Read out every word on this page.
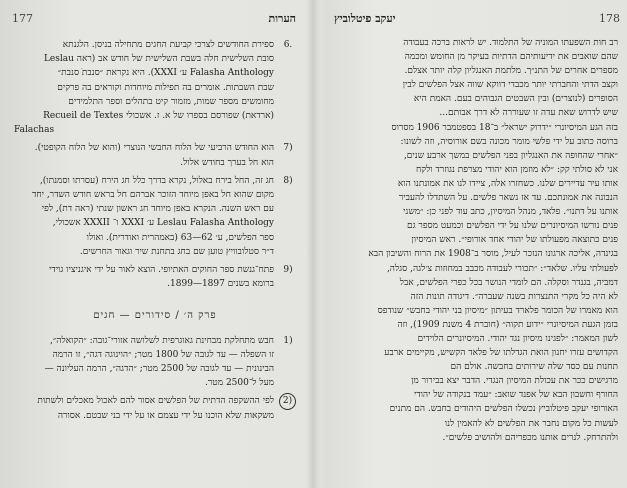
177	הערות
6.
ספירת החודשים לצרכי קביעת החגים מתחילה בניסן. הלגנתא
סובת השלישית חלה בשבת השלישית של חודש אב (ראה Leslau
Falasha Anthology ע׳ XXXI). היא נקראת ״סנבתׂ סנבת״
שבת השבתות. אומרים בה תפילות מיוחדות וקוראים בה פרקים
מחומשים מספר שמות, מזמור קיט בתהלים וספר התלמידים
(ארדאת) שפורסם בספרו של א. ז. אשכולי Recueil de Textes
Falachas
7)
הוא החודש הרביעי של הלוח החבשי הנוצרי (והוא של הלוח הקופטי).
הוא חל בערך בחודש אלול.
8)
חג זה, החל בירח באלול, נקרא בדרך כלל חג הירח (עסרתו וסמנתו),
מקום שהוא חל באפן מיוחד הזוכר אברהם חל בראש חודש השדר, יחד
עם ראש השנה. הנקרא באפן מיוחד חג ראשון שנתי (ראה דת), לפי
Leslau Falasha Anthology ע׳ XXXI ו־ XXXII אשכולי,
ספר הפלשים, ע׳ 62—63 (באמהרית ואודרית). ואולו
ד״ר סטלובוויץ טוען שם בחג בתחנת שיר וגאור החרשים.
9)
פתח־גנשת ספר החוקים האתיופי. הוצא לאור על ידי איגניציו גוידי
ברומא בשנים 1897—1899.
פרק ה׳ / סידורים — חגים
1)
חבש מתחלקת מבחינת גאוגרפית לשלושה אזורי־גובה: ״הקואלה״,
זו השפלה — עד לגובה של 1800 מטר; ״הוינוגה דגה״, זו הרמה
הבינונית — עד לגובה של 2500 מטר; ״הדגה״, הרמה העליונה —
מעל ל־2500 מטר.
2)
לפי ההשקפה הדתית של הפלשים אסור להם לאכול מאכלים ולשתות
משקאות שלא הוכנו על ידי עצמם או על ידי בני שבטם. אסורה
יעקב פיטלוביץ	178

רב חות השפעתו המוניה של התלמוד. יש לראות ברכה בעבודה

שהם שואבים את ידיעותיהם הדתיות בעיקר מן החומש ומכמה

מספרים אחרים של התנ״ך. מלתמת האנגליון קלה יותר אצלם.

וקצב הדתי והחברתי יותר מכבדי דווקא שווה אצל הפלשים לבין

הסופרים (לנוצרים) ובין השבטים הגבוהים בעם. האמת היא

שיש לדרוש שאת עדה זו שעוררה לא דרך אבותם...

בזה הגע המיסיונרי ״ידרוק ישראל״ ב־18 בספטמבר 1906 מסרוס

ברוסה כתוב על ידי פלשי מומר מכונה בשם אורוסיה, וזה לשונו:

״אחרי שהחופה את האנגליון בפני הפלשים במשך ארבע שנים,

אני לא סולתי קק: ״לא מוזמן הוא יהודי מצרפת נגוזרד ולקח

אותו עיר עדיירים שלנו. כשחזרו אלה, ציידו לנו את אמונתנו הוא

הנבונה את אמונתכם. עד אז נשאר פלשים. על השתדלו להעביר

אותנו על דתנו״. פלאד, מנהל המיסיון, כתב עוד לפני כן: ״משני

פנים נורשו המיסיונרים שלנו על ידי הפלשים וכמעט מספר גם

פנים כתוצאה מפעולתו של יהודי אחד אורופי״. ראש המיסיון

בגינדה, אליכה ארגונו הנזכר לעיל, מוסר ב־1908 את הרוח והשיבון הבא

לפעולתי עליו. שלאד״: ״תכורי לעבודה מכבב במחוזות צ׳לגה, סגלה,

דמביה, בגנדר וסקלה. הם לומדי הנושר בכל כפרי הפלשים, אבל

לא היה כל מקרי התנצרות בשנה שעברה״. דיגודה תונות הזה

הוא מאמרו של הכומר פלארד בעיתון ״מיסיון בני יהודי בחבש״ שנודפס

בזמן הגעת המיסיונרי ״ידוע תקוה״ (חוברת 4 משנת 1909), וזה

לשון המאמר: ״לפגינו מיסיון נגד יהודי. המיסיונרים הלוידים

הקדושים עזרו יחנון הואת הגדלתו של פלאד הקשיש, מקיימים ארבע

תחנות עם כסד שלה שירותים בחבשה. אולם הם

מרגישים ככר את עכולת המיסיון הנגדי. הדבר יצא בבירור מן

החורף וחשבון הבא של אפנד שואב: ״עמד בנקודה של יהודי

האורופי יעקב פיטלוביץ נכשלו הפלשים היהודים בחבש. הם מתנים

לעשות כל מקום נחבר את הפלשים לא להאמין לנו

ולהתרחק. לנרים אותנו מכפריהם ולהושיב פלשים״.
